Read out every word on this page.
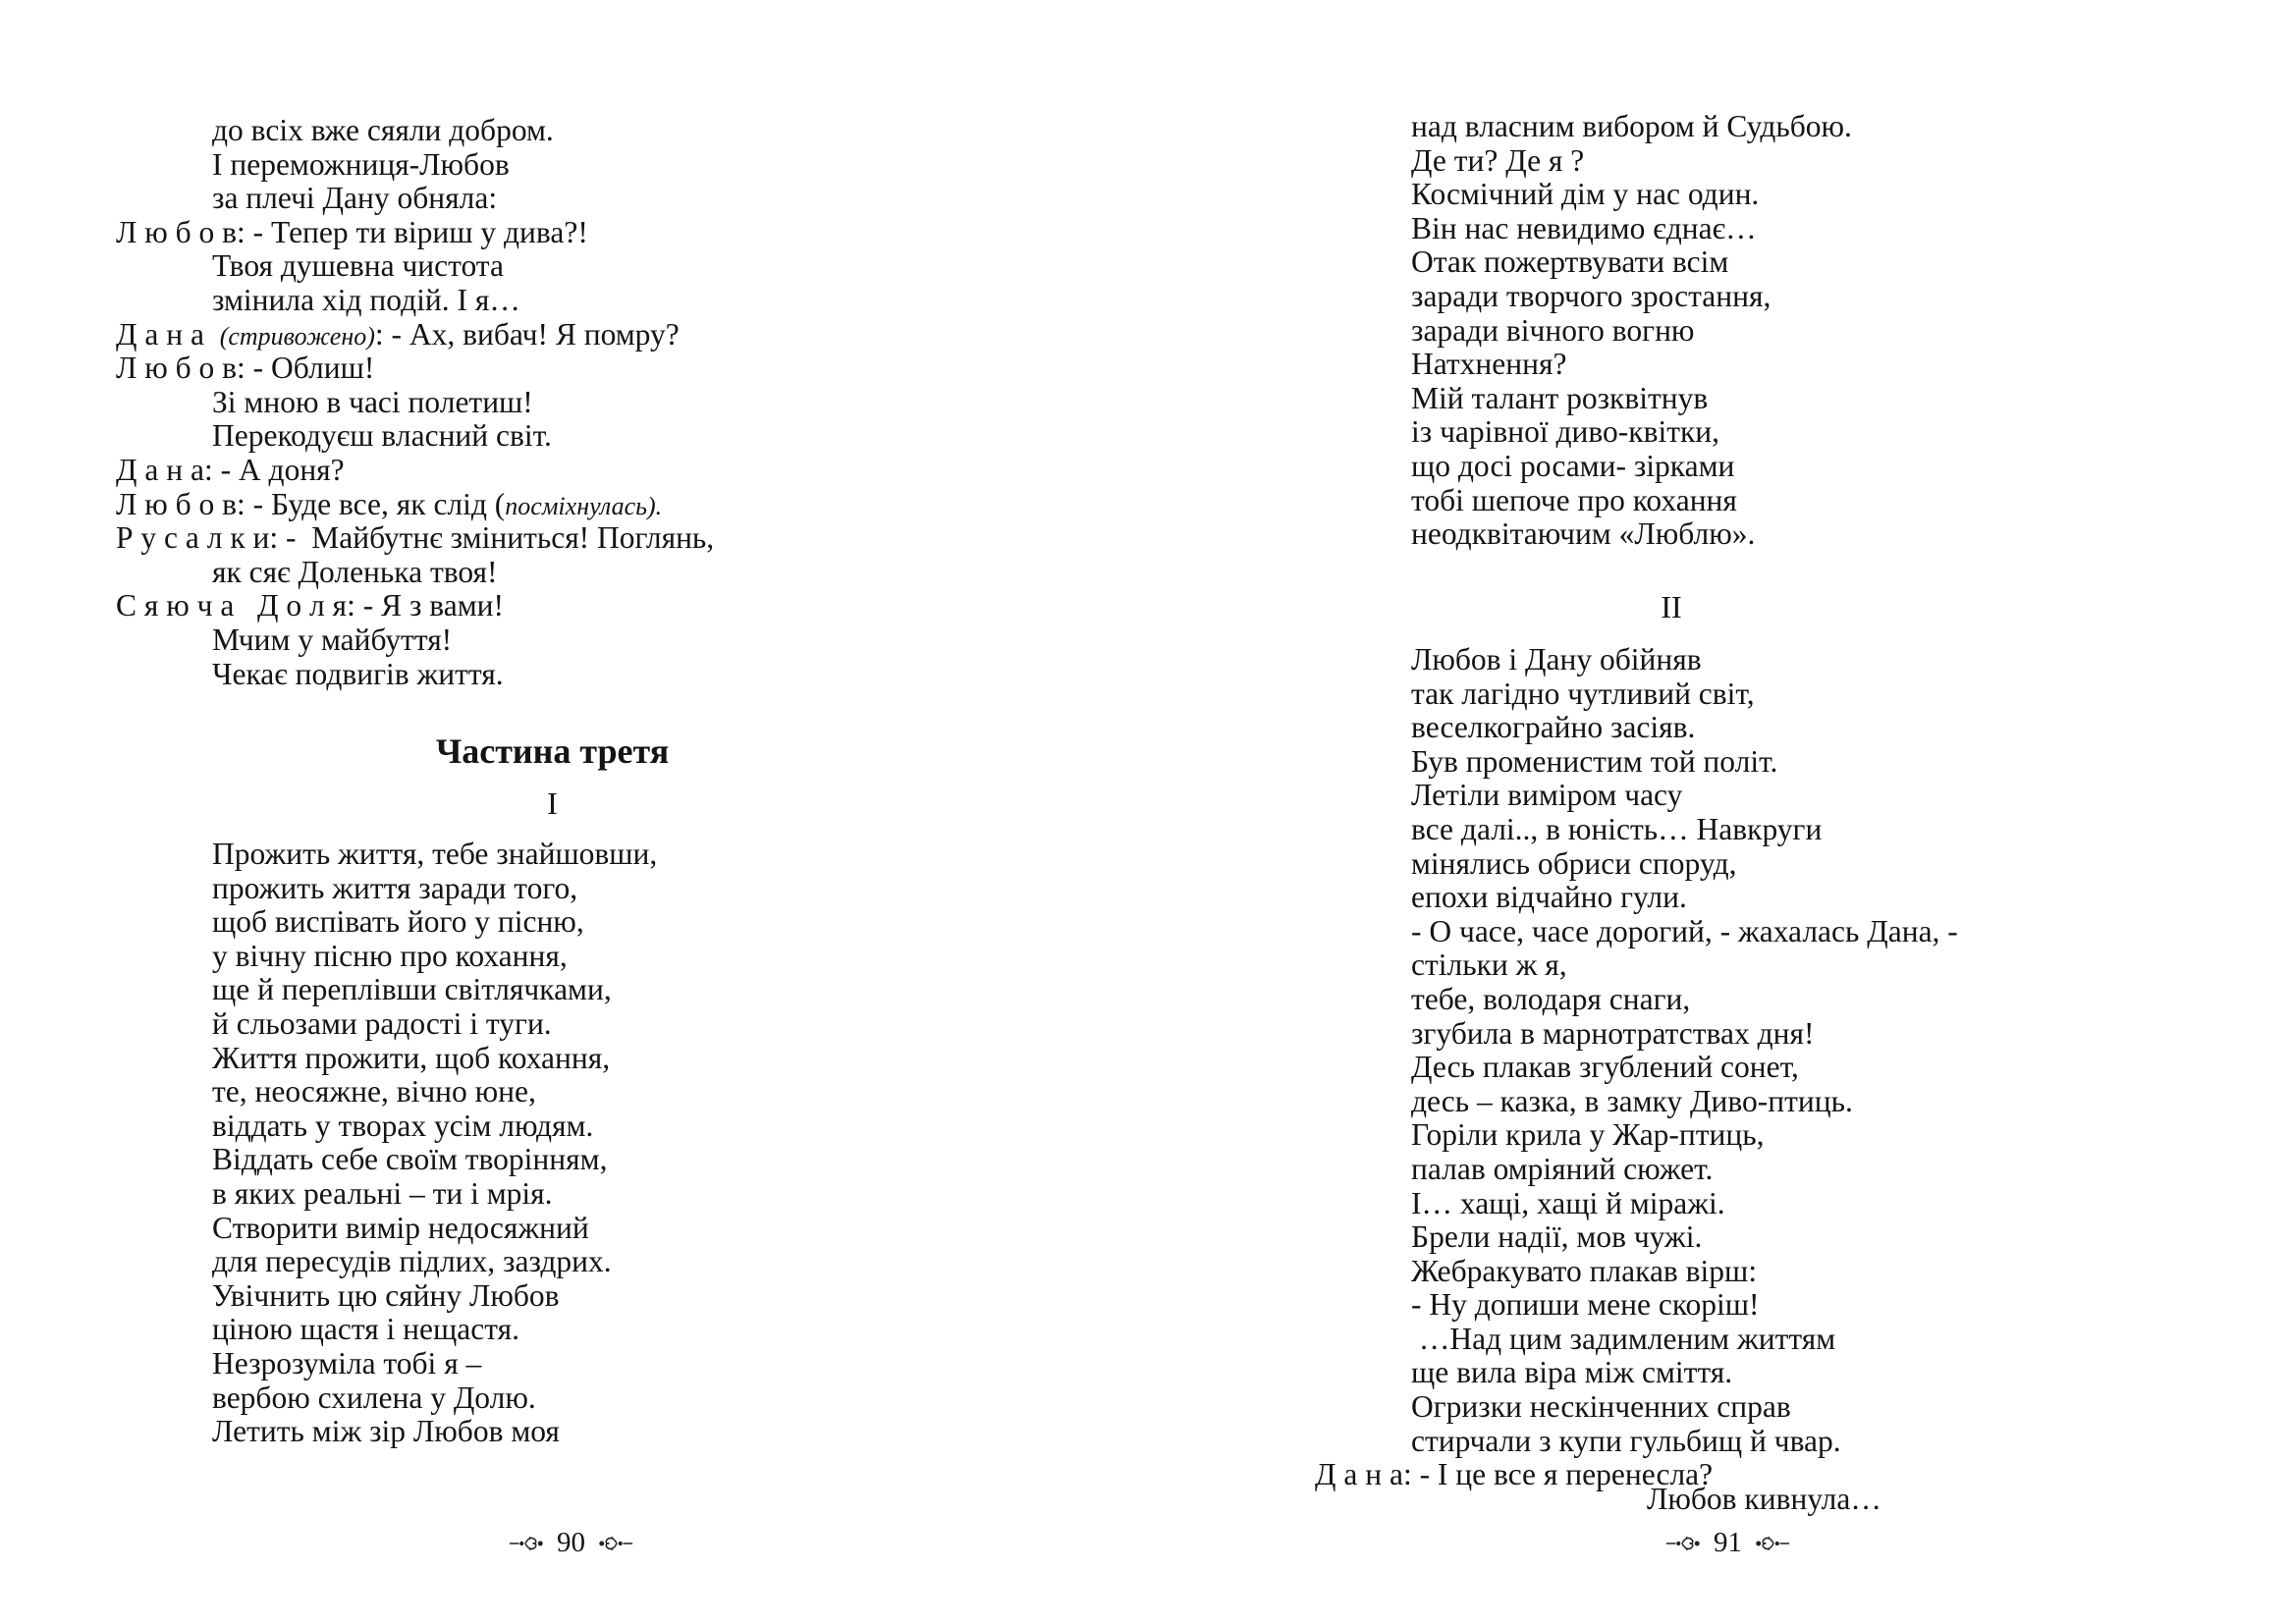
до всіх вже сяяли добром.
І переможниця-Любов
за плечі Дану обняла:
Л ю б о в: - Тепер ти віриш у дива?!
Твоя душевна чистота
змінила хід подій. І я…
Д а н а (стривожено): - Ах, вибач! Я помру?
Л ю б о в: - Облиш!
Зі мною в часі полетиш!
Перекодуєш власний світ.
Д а н а: - А доня?
Л ю б о в: - Буде все, як слід (посміхнулась).
Р у с а л к и: -  Майбутнє зміниться! Поглянь,
як сяє Доленька твоя!
С я ю ч а   Д о л я: - Я з вами!
Мчим у майбуття!
Чекає подвигів життя.
Частина третя
I
Прожить життя, тебе знайшовши,
прожить життя заради того,
щоб виспівать його у пісню,
у вічну пісню про кохання,
ще й переплівши світлячками,
й сльозами радості і туги.
Життя прожити, щоб кохання,
те, неосяжне, вічно юне,
віддать у творах усім людям.
Віддать себе своїм творінням,
в яких реальні – ти і мрія.
Створити вимір недосяжний
для пересудів підлих, заздрих.
Увічнить цю сяйну Любов
ціною щастя і нещастя.
Незрозуміла тобі я –
вербою схилена у Долю.
Летить між зір Любов моя
90
над власним вибором й Судьбою.
Де ти? Де я ?
Космічний дім у нас один.
Він нас невидимо єднає…
Отак пожертвувати всім
заради творчого зростання,
заради вічного вогню
Натхнення?
Мій талант розквітнув
із чарівної диво-квітки,
що досі росами- зірками
тобі шепоче про кохання
неодквітаючим «Люблю».
II
Любов і Дану обійняв
так лагідно чутливий світ,
веселкограйно засіяв.
Був променистим той політ.
Летіли виміром часу
все далі.., в юність… Навкруги
мінялись обриси споруд,
епохи відчайно гули.
- О часе, часе дорогий, - жахалась Дана, -
стільки ж я,
тебе, володаря снаги,
згубила в марнотратствах дня!
Десь плакав згублений сонет,
десь – казка, в замку Диво-птиць.
Горіли крила у Жар-птиць,
палав омріяний сюжет.
І… хащі, хащі й міражі.
Брели надії, мов чужі.
Жебракувато плакав вірш:
- Ну допиши мене скоріш!
…Над цим задимленим життям
ще вила віра між сміття.
Огризки нескінченних справ
стирчали з купи гульбищ й чвар.
Д а н а: - І це все я перенесла?
Любов кивнула…
91
